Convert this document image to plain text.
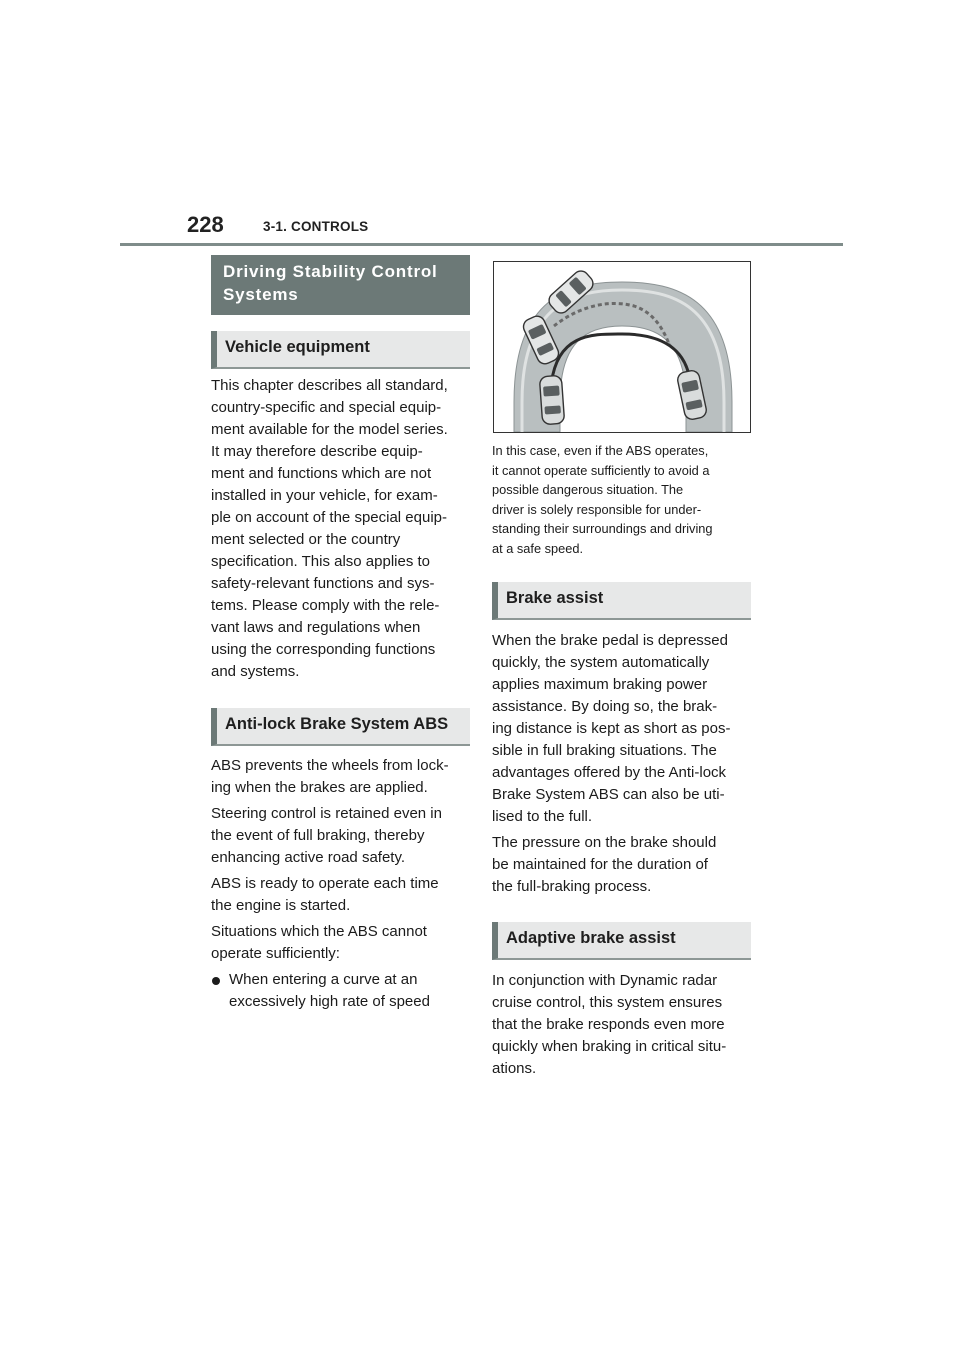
228	3-1. CONTROLS
Driving Stability Control Systems
Vehicle equipment

This chapter describes all standard,
country-specific and special equip-
ment available for the model series.
It may therefore describe equip-
ment and functions which are not
installed in your vehicle, for exam-
ple on account of the special equip-
ment selected or the country
specification. This also applies to
safety-relevant functions and sys-
tems. Please comply with the rele-
vant laws and regulations when
using the corresponding functions
and systems.

Anti-lock Brake System ABS

ABS prevents the wheels from lock-
ing when the brakes are applied.

Steering control is retained even in
the event of full braking, thereby
enhancing active road safety.

ABS is ready to operate each time
the engine is started.

Situations which the ABS cannot
operate sufficiently:

When entering a curve at an
excessively high rate of speed

In this case, even if the ABS operates,
it cannot operate sufficiently to avoid a
possible dangerous situation. The
driver is solely responsible for under-
standing their surroundings and driving
at a safe speed.

Brake assist

When the brake pedal is depressed
quickly, the system automatically
applies maximum braking power
assistance. By doing so, the brak-
ing distance is kept as short as pos-
sible in full braking situations. The
advantages offered by the Anti-lock
Brake System ABS can also be uti-
lised to the full.

The pressure on the brake should
be maintained for the duration of
the full-braking process.

Adaptive brake assist

In conjunction with Dynamic radar
cruise control, this system ensures
that the brake responds even more
quickly when braking in critical situ-
ations.
